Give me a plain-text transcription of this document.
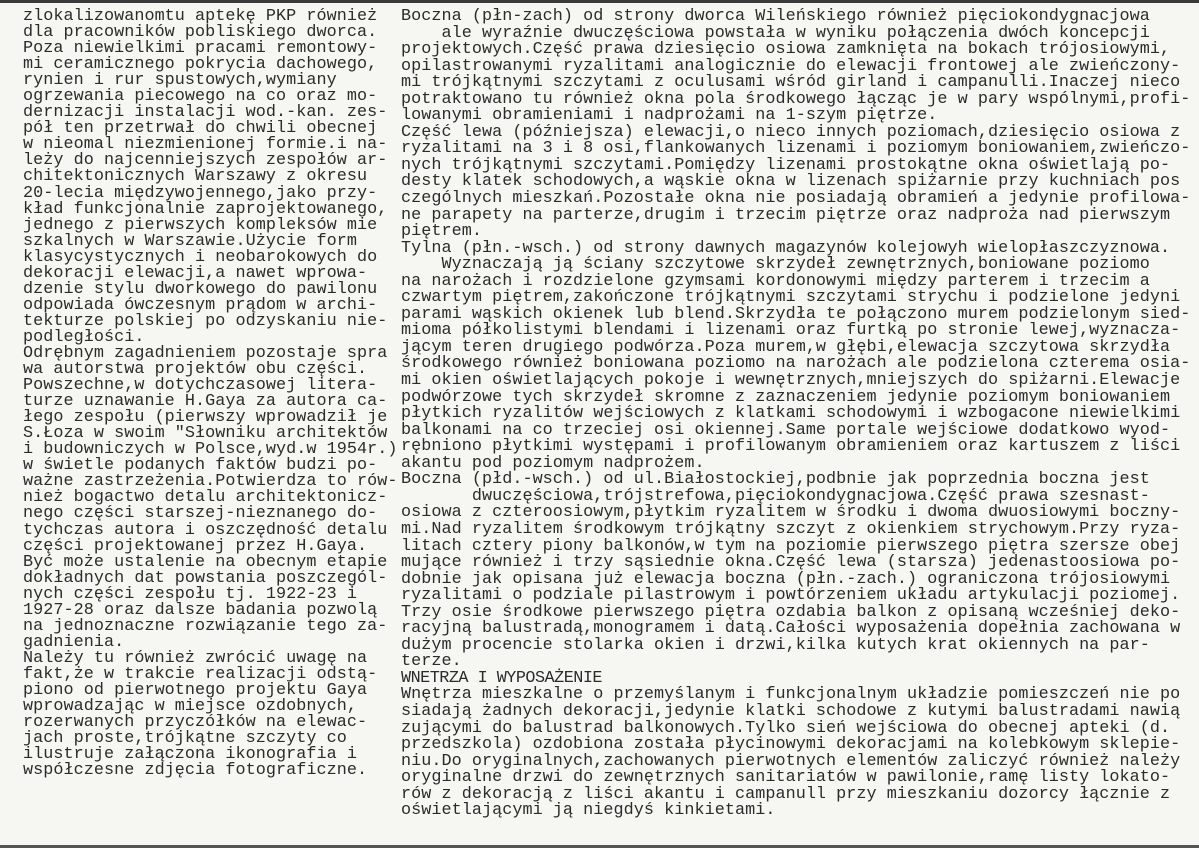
zlokalizowanomtu aptekę PKP również
dla pracowników pobliskiego dworca.
Poza niewielkimi pracami remontowy-
mi ceramicznego pokrycia dachowego,
rynien i rur spustowych,wymiany
ogrzewania piecowego na co oraz mo-
dernizacji instalacji wod.-kan. zes-
pół ten przetrwał do chwili obecnej
w nieomal niezmienionej formie.i na-
leży do najcenniejszych zespołów ar-
chitektonicznych Warszawy z okresu
20-lecia międzywojennego,jako przy-
kład funkcjonalnie zaprojektowanego,
jednego z pierwszych kompleksów mie
szkalnych w Warszawie.Użycie form
klasycystycznych i neobarokowych do
dekoracji elewacji,a nawet wprowa-
dzenie stylu dworkowego do pawilonu
odpowiada ówczesnym prądom w archi-
tekturze polskiej po odzyskaniu nie-
podległości.
Odrębnym zagadnieniem pozostaje spra
wa autorstwa projektów obu części.
Powszechne,w dotychczasowej litera-
turze uznawanie H.Gaya za autora ca-
łego zespołu (pierwszy wprowadził je
S.Łoza w swoim "Słowniku architektów
i budowniczych w Polsce,wyd.w 1954r.)
w świetle podanych faktów budzi po-
ważne zastrzeżenia.Potwierdza to rów-
nież bogactwo detalu architektonicz-
nego części starszej-nieznanego do-
tychczas autora i oszczędność detalu
części projektowanej przez H.Gaya.
Być może ustalenie na obecnym etapie
dokładnych dat powstania poszczegól-
nych części zespołu tj. 1922-23 i
1927-28 oraz dalsze badania pozwolą
na jednoznaczne rozwiązanie tego za-
gadnienia.
Należy tu również zwrócić uwagę na
fakt,że w trakcie realizacji odstą-
piono od pierwotnego projektu Gaya
wprowadzając w miejsce ozdobnych,
rozerwanych przyczółków na elewac-
jach proste,trójkątne szczyty co
ilustruje załączona ikonografia i
współczesne zdjęcia fotograficzne.
Boczna (płn-zach) od strony dworca Wileńskiego również pięciokondygnacjowa
ale wyraźnie dwuczęściowa powstała w wyniku połączenia dwóch koncepcji
projektowych.Część prawa dziesięcio osiowa zamknięta na bokach trójosiowymi,
opilastrowanymi ryzalitami analogicznie do elewacji frontowej ale zwieńczony-
mi trójkątnymi szczytami z oculusami wśród girland i campanulli.Inaczej nieco
potraktowano tu również okna pola środkowego łącząc je w pary wspólnymi,profi-
lowanymi obramieniami i nadprożami na 1-szym piętrze.
Część lewa (późniejsza) elewacji,o nieco innych poziomach,dziesięcio osiowa z
ryzalitami na 3 i 8 osi,flankowanych lizenami i poziomym boniowaniem,zwieńczo-
nych trójkątnymi szczytami.Pomiędzy lizenami prostokątne okna oświetlają po-
desty klatek schodowych,a wąskie okna w lizenach spiżarnie przy kuchniach pos
czególnych mieszkań.Pozostałe okna nie posiadają obramień a jedynie profilowa-
ne parapety na parterze,drugim i trzecim piętrze oraz nadproża nad pierwszym
piętrem.
Tylna (płn.-wsch.) od strony dawnych magazynów kolejowyh wielopłaszczyznowa.
Wyznaczają ją ściany szczytowe skrzydeł zewnętrznych,boniowane poziomo
na narożach i rozdzielone gzymsami kordonowymi między parterem i trzecim a
czwartym piętrem,zakończone trójkątnymi szczytami strychu i podzielone jedyni
parami wąskich okienek lub blend.Skrzydła te połączono murem podzielonym sied-
mioma półkolistymi blendami i lizenami oraz furtką po stronie lewej,wyznacza-
jącym teren drugiego podwórza.Poza murem,w głębi,elewacja szczytowa skrzydła
środkowego również boniowana poziomo na narożach ale podzielona czterema osia-
mi okien oświetlających pokoje i wewnętrznych,mniejszych do spiżarni.Elewacje
podwórzowe tych skrzydeł skromne z zaznaczeniem jedynie poziomym boniowaniem
płytkich ryzalitów wejściowych z klatkami schodowymi i wzbogacone niewielkimi
balkonami na co trzeciej osi okiennej.Same portale wejściowe dodatkowo wyod-
rębniono płytkimi występami i profilowanym obramieniem oraz kartuszem z liści
akantu pod poziomym nadprożem.
Boczna (płd.-wsch.) od ul.Białostockiej,podbnie jak poprzednia boczna jest
dwuczęściowa,trójstrefowa,pięciokondygnacjowa.Część prawa szesnast-
osiowa z czteroosiowym,płytkim ryzalitem w środku i dwoma dwuosiowymi boczny-
mi.Nad ryzalitem środkowym trójkątny szczyt z okienkiem strychowym.Przy ryza-
litach cztery piony balkonów,w tym na poziomie pierwszego piętra szersze obej
mujące również i trzy sąsiednie okna.Część lewa (starsza) jedenastoosiowa po-
dobnie jak opisana już elewacja boczna (płn.-zach.) ograniczona trójosiowymi
ryzalitami o podziale pilastrowym i powtórzeniem układu artykulacji poziomej.
Trzy osie środkowe pierwszego piętra ozdabia balkon z opisaną wcześniej deko-
racyjną balustradą,monogramem i datą.Całości wyposażenia dopełnia zachowana w
dużym procencie stolarka okien i drzwi,kilka kutych krat okiennych na par-
terze.
WNETRZA I WYPOSAŻENIE
Wnętrza mieszkalne o przemyślanym i funkcjonalnym układzie pomieszczeń nie po
siadają żadnych dekoracji,jedynie klatki schodowe z kutymi balustradami nawią
zującymi do balustrad balkonowych.Tylko sień wejściowa do obecnej apteki (d.
przedszkola) ozdobiona została płycinowymi dekoracjami na kolebkowym sklepie-
niu.Do oryginalnych,zachowanych pierwotnych elementów zaliczyć również należy
oryginalne drzwi do zewnętrznych sanitariatów w pawilonie,ramę listy lokato-
rów z dekoracją z liści akantu i campanull przy mieszkaniu dozorcy łącznie z
oświetlającymi ją niegdyś kinkietami.
